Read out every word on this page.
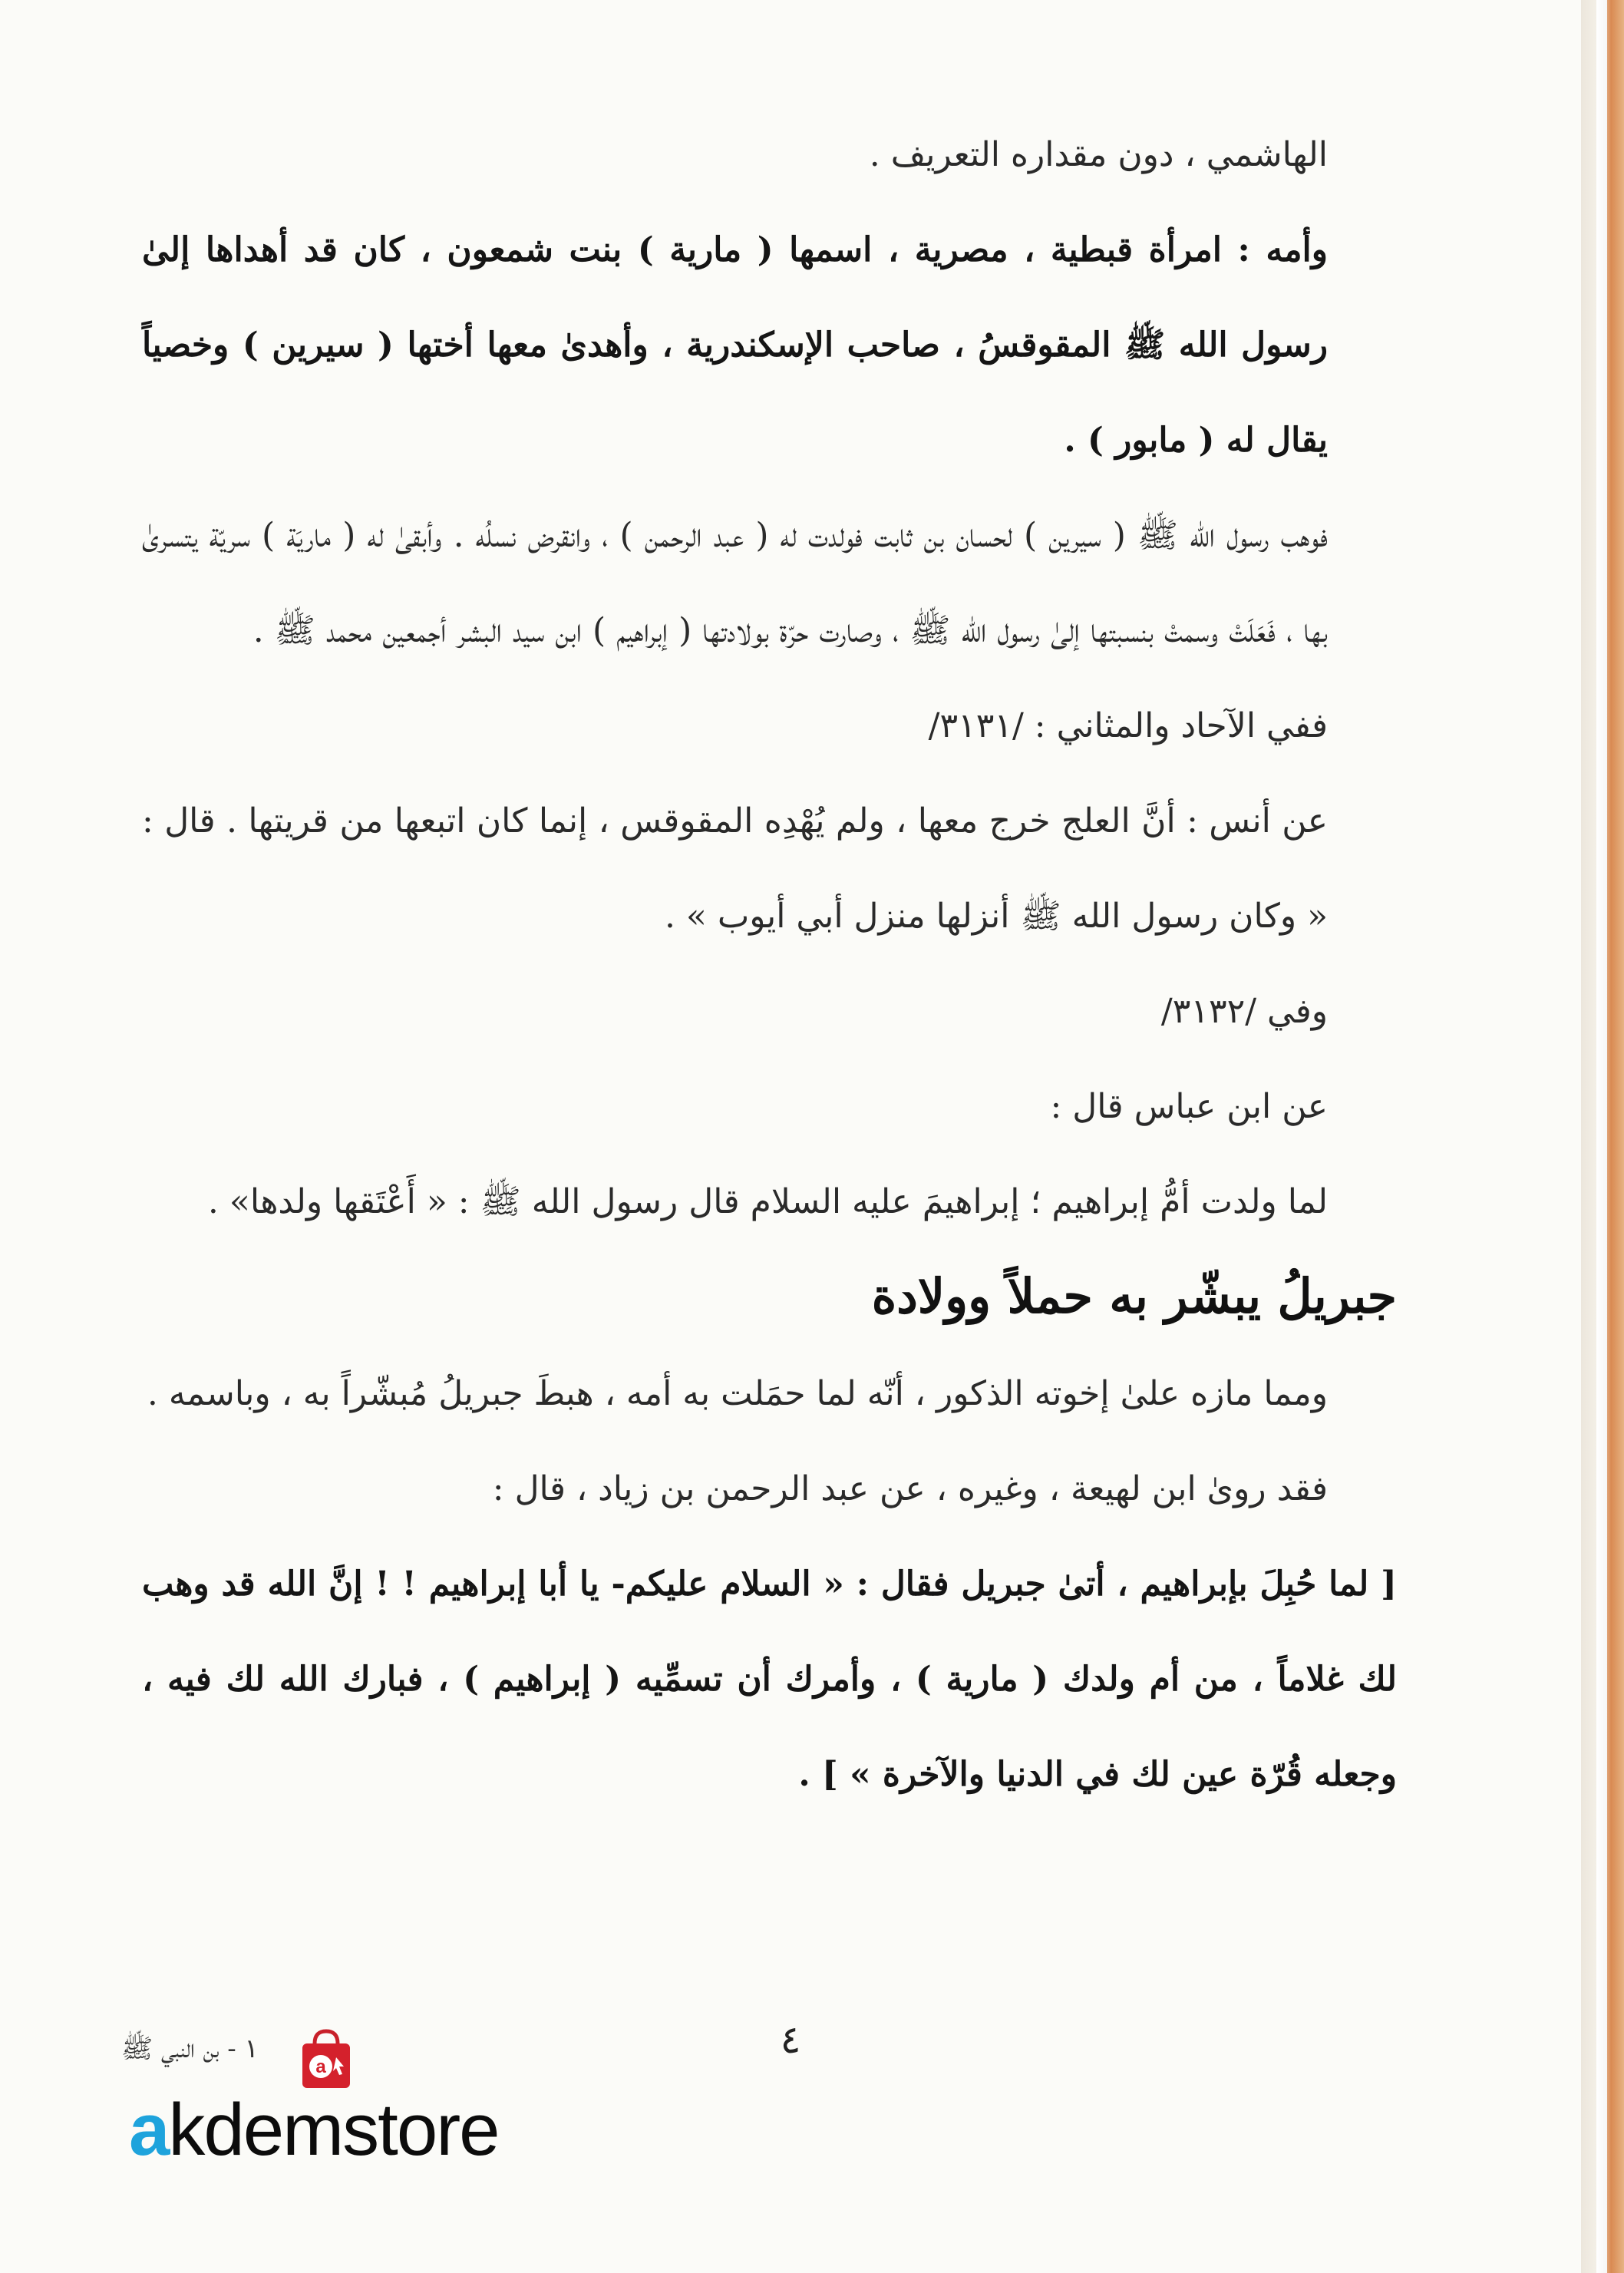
الهاشمي ، دون مقداره التعريف .

وأمه : امرأة قبطية ، مصرية ، اسمها ( مارية ) بنت شمعون ، كان قد أهداها إلىٰ رسول الله ﷺ المقوقسُ ، صاحب الإسكندرية ، وأهدىٰ معها أختها ( سيرين ) وخصياً يقال له ( مابور ) .

فوهب رسول الله ﷺ ( سيرين ) لحسان بن ثابت فولدت له ( عبد الرحمن ) ، وانقرض نسلُه . وأبقىٰ له ( ماريَة ) سريّة يتسرىٰ بها ، فَعَلَتْ وسمتْ بنسبتها إلىٰ رسول الله ﷺ ، وصارت حرّة بولادتها ( إبراهيم ) ابن سيد البشر أجمعين محمد ﷺ .

ففي الآحاد والمثاني : /٣١٣١/

عن أنس : أنَّ العلج خرج معها ، ولم يُهْدِه المقوقس ، إنما كان اتبعها من قريتها . قال : « وكان رسول الله ﷺ أنزلها منزل أبي أيوب » .

وفي /٣١٣٢/

عن ابن عباس قال :

لما ولدت أمُّ إبراهيم ؛ إبراهيمَ عليه السلام قال رسول الله ﷺ : « أَعْتَقها ولدها» .

جبريلُ يبشّر به حملاً وولادة

ومما مازه علىٰ إخوته الذكور ، أنّه لما حمَلت به أمه ، هبطَ جبريلُ مُبشّراً به ، وباسمه .

فقد روىٰ ابن لهيعة ، وغيره ، عن عبد الرحمن بن زياد ، قال :

[ لما حُبِلَ بإبراهيم ، أتىٰ جبريل فقال : « السلام عليكم- يا أبا إبراهيم ! ! إنَّ الله قد وهب لك غلاماً ، من أم ولدك ( مارية ) ، وأمرك أن تسمِّيه ( إبراهيم ) ، فبارك الله لك فيه ، وجعله قُرّة عين لك في الدنيا والآخرة » ] .

٤
a
١ - بن النبي ﷺ
akdemstore
